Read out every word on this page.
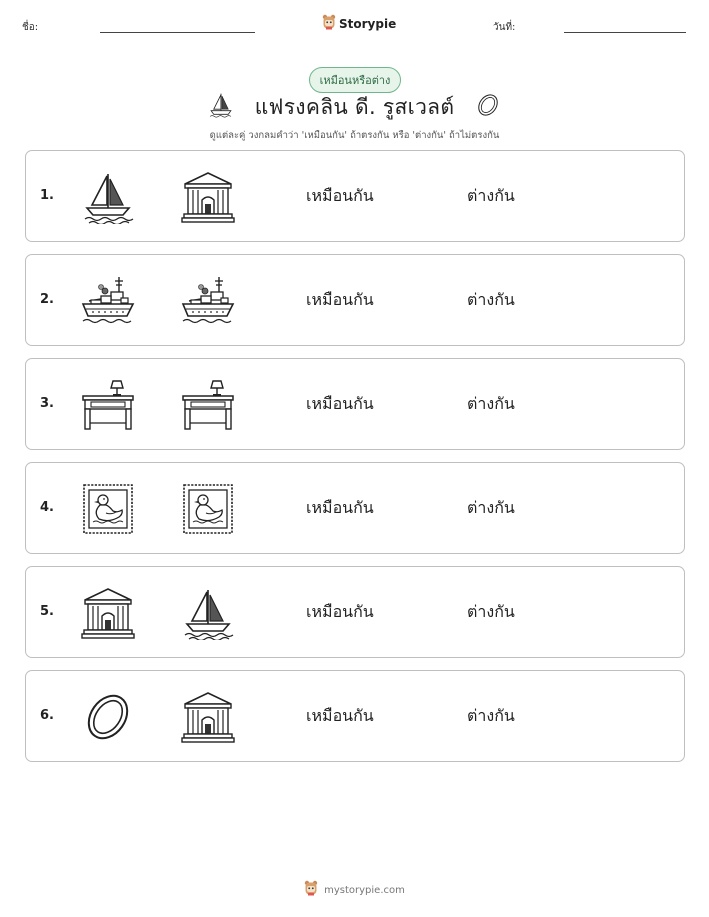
ชื่อ:	Storypie	วันที่:
เหมือนหรือต่าง
แฟรงคลิน ดี. รูสเวลต์
ดูแต่ละคู่ วงกลมคำว่า 'เหมือนกัน' ถ้าตรงกัน หรือ 'ต่างกัน' ถ้าไม่ตรงกัน
1.	เหมือนกัน	ต่างกัน
2.	เหมือนกัน	ต่างกัน
3.	เหมือนกัน	ต่างกัน
4.	เหมือนกัน	ต่างกัน
5.	เหมือนกัน	ต่างกัน
6.	เหมือนกัน	ต่างกัน
mystorypie.com
